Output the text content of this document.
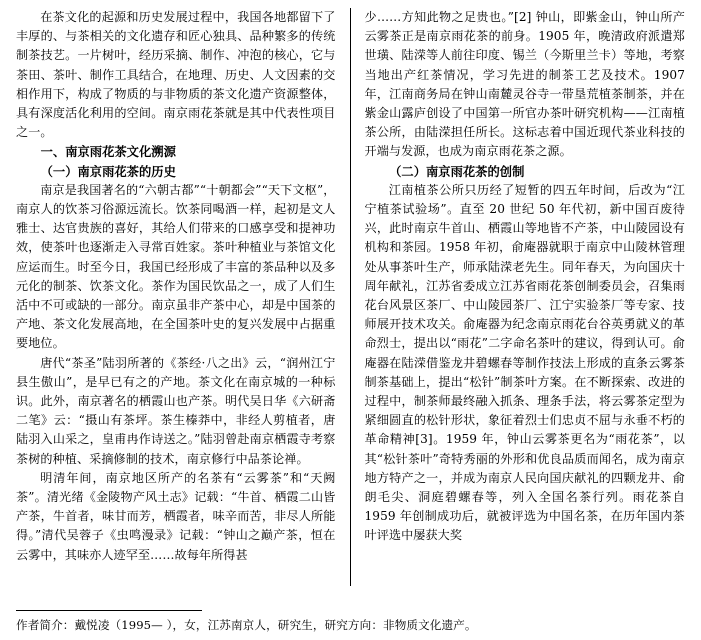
在茶文化的起源和历史发展过程中，我国各地都留下了丰厚的、与茶相关的文化遗存和匠心独具、品种繁多的传统制茶技艺。一片树叶，经历采摘、制作、冲泡的核心，它与茶田、茶叶、制作工具结合，在地理、历史、人文因素的交相作用下，构成了物质的与非物质的茶文化遗产资源整体，具有深度活化利用的空间。南京雨花茶就是其中代表性项目之一。

一、南京雨花茶文化溯源
（一）南京雨花茶的历史

南京是我国著名的“六朝古都”“十朝都会”“天下文枢”，南京人的饮茶习俗源远流长。饮茶同喝酒一样，起初是文人雅士、达官贵族的喜好，其给人们带来的口感享受和提神功效，使茶叶也逐渐走入寻常百姓家。茶叶种植业与茶馆文化应运而生。时至今日，我国已经形成了丰富的茶品种以及多元化的制茶、饮茶文化。茶作为国民饮品之一，成了人们生活中不可或缺的一部分。南京虽非产茶中心，却是中国茶的产地、茶文化发展高地，在全国茶叶史的复兴发展中占据重要地位。

唐代“茶圣”陆羽所著的《茶经·八之出》云，“润州江宁县生傲山”，是早已有之的产地。茶文化在南京城的一种标识。此外，南京著名的栖霞山也产茶。明代吴日华《六研斋二笔》云：“摄山有茶坪。茶生榛莽中，非经人剪植者，唐陆羽入山采之，皇甫冉作诗送之。”陆羽曾赴南京栖霞寺考察茶树的种植、采摘修制的技术，南京修行中品茶论禅。

明清年间，南京地区所产的名茶有“云雾茶”和“天阙茶”。清光绪《金陵物产风土志》记载：“牛首、栖霞二山皆产茶，牛首者，味甘而芳，栖霞者，味辛而苦，非尽人所能得。”清代吴蓉子《虫鸣漫录》记载：“钟山之巅产茶，恒在云雾中，其味亦人迹罕至……故每年所得甚

少……方知此物之足贵也。”[2] 钟山，即紫金山，钟山所产云雾茶正是南京雨花茶的前身。1905 年，晚清政府派遣郑世璜、陆溁等人前往印度、锡兰（今斯里兰卡）等地，考察当地出产红茶情况，学习先进的制茶工艺及技术。1907 年，江南商务局在钟山南麓灵谷寺一带垦荒植茶制茶，并在紫金山露庐创设了中国第一所官办茶叶研究机构——江南植茶公所，由陆溁担任所长。这标志着中国近现代茶业科技的开端与发源，也成为南京雨花茶之源。

（二）南京雨花茶的创制

江南植茶公所只历经了短暂的四五年时间，后改为“江宁植茶试验场”。直至 20 世纪 50 年代初，新中国百废待兴，此时南京牛首山、栖霞山等地皆不产茶，中山陵园设有机构和茶园。1958 年初，俞庵器就职于南京中山陵林管理处从事茶叶生产，师承陆溁老先生。同年春天，为向国庆十周年献礼，江苏省委成立江苏省雨花茶创制委员会，召集雨花台风景区茶厂、中山陵园茶厂、江宁实验茶厂等专家、技师展开技术攻关。俞庵器为纪念南京雨花台谷英勇就义的革命烈士，提出以“雨花”二字命名茶叶的建议，得到认可。俞庵器在陆溁借鉴龙井碧螺春等制作技法上形成的直条云雾茶制茶基础上，提出“松针”制茶叶方案。在不断探索、改进的过程中，制茶师最终融入抓条、理条手法，将云雾茶定型为紧细圆直的松针形状，象征着烈士们忠贞不屈与永垂不朽的革命精神[3]。1959 年，钟山云雾茶更名为“雨花茶”，以其“松针茶叶”奇特秀丽的外形和优良品质而闻名，成为南京地方特产之一，并成为南京人民向国庆献礼的四颗龙井、俞朗毛尖、洞庭碧螺春等，列入全国名茶行列。雨花茶自 1959 年创制成功后，就被评选为中国名茶，在历年国内茶叶评选中屡获大奖

作者简介：戴悦凌（1995— ），女，江苏南京人，研究生，研究方向：非物质文化遗产。
